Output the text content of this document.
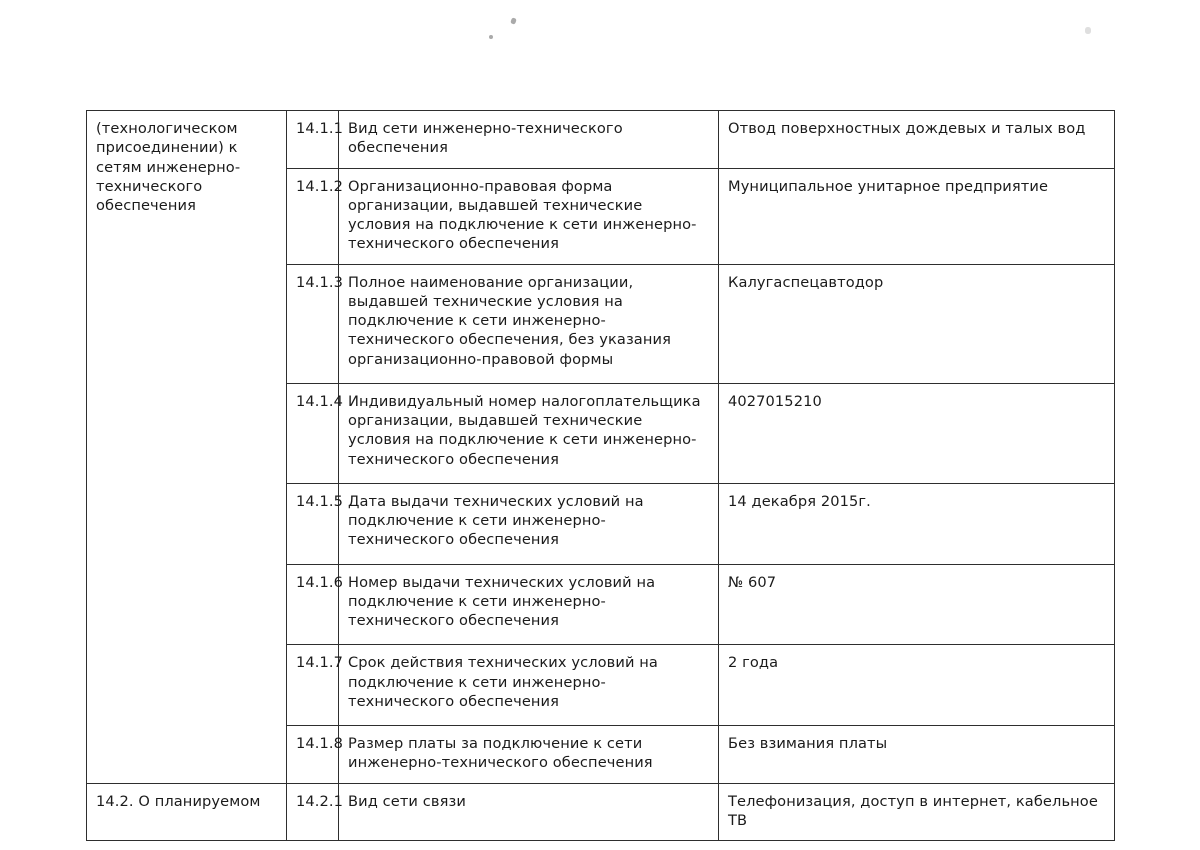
(технологическом присоединении) к сетям инженерно-технического обеспечения	14.1.1	Вид сети инженерно-технического обеспечения	Отвод поверхностных дождевых и талых вод
	14.1.2	Организационно-правовая форма организации, выдавшей технические условия на подключение к сети инженерно-технического обеспечения	Муниципальное унитарное предприятие
	14.1.3	Полное наименование организации, выдавшей технические условия на подключение к сети инженерно-технического обеспечения, без указания организационно-правовой формы	Калугаспецавтодор
	14.1.4	Индивидуальный номер налогоплательщика организации, выдавшей технические условия на подключение к сети инженерно-технического обеспечения	4027015210
	14.1.5	Дата выдачи технических условий на подключение к сети инженерно-технического обеспечения	14 декабря 2015г.
	14.1.6	Номер выдачи технических условий на подключение к сети инженерно-технического обеспечения	№ 607
	14.1.7	Срок действия технических условий на подключение к сети инженерно-технического обеспечения	2 года
	14.1.8	Размер платы за подключение к сети инженерно-технического обеспечения	Без взимания платы
14.2. О планируемом	14.2.1	Вид сети связи	Телефонизация, доступ в интернет, кабельное ТВ
